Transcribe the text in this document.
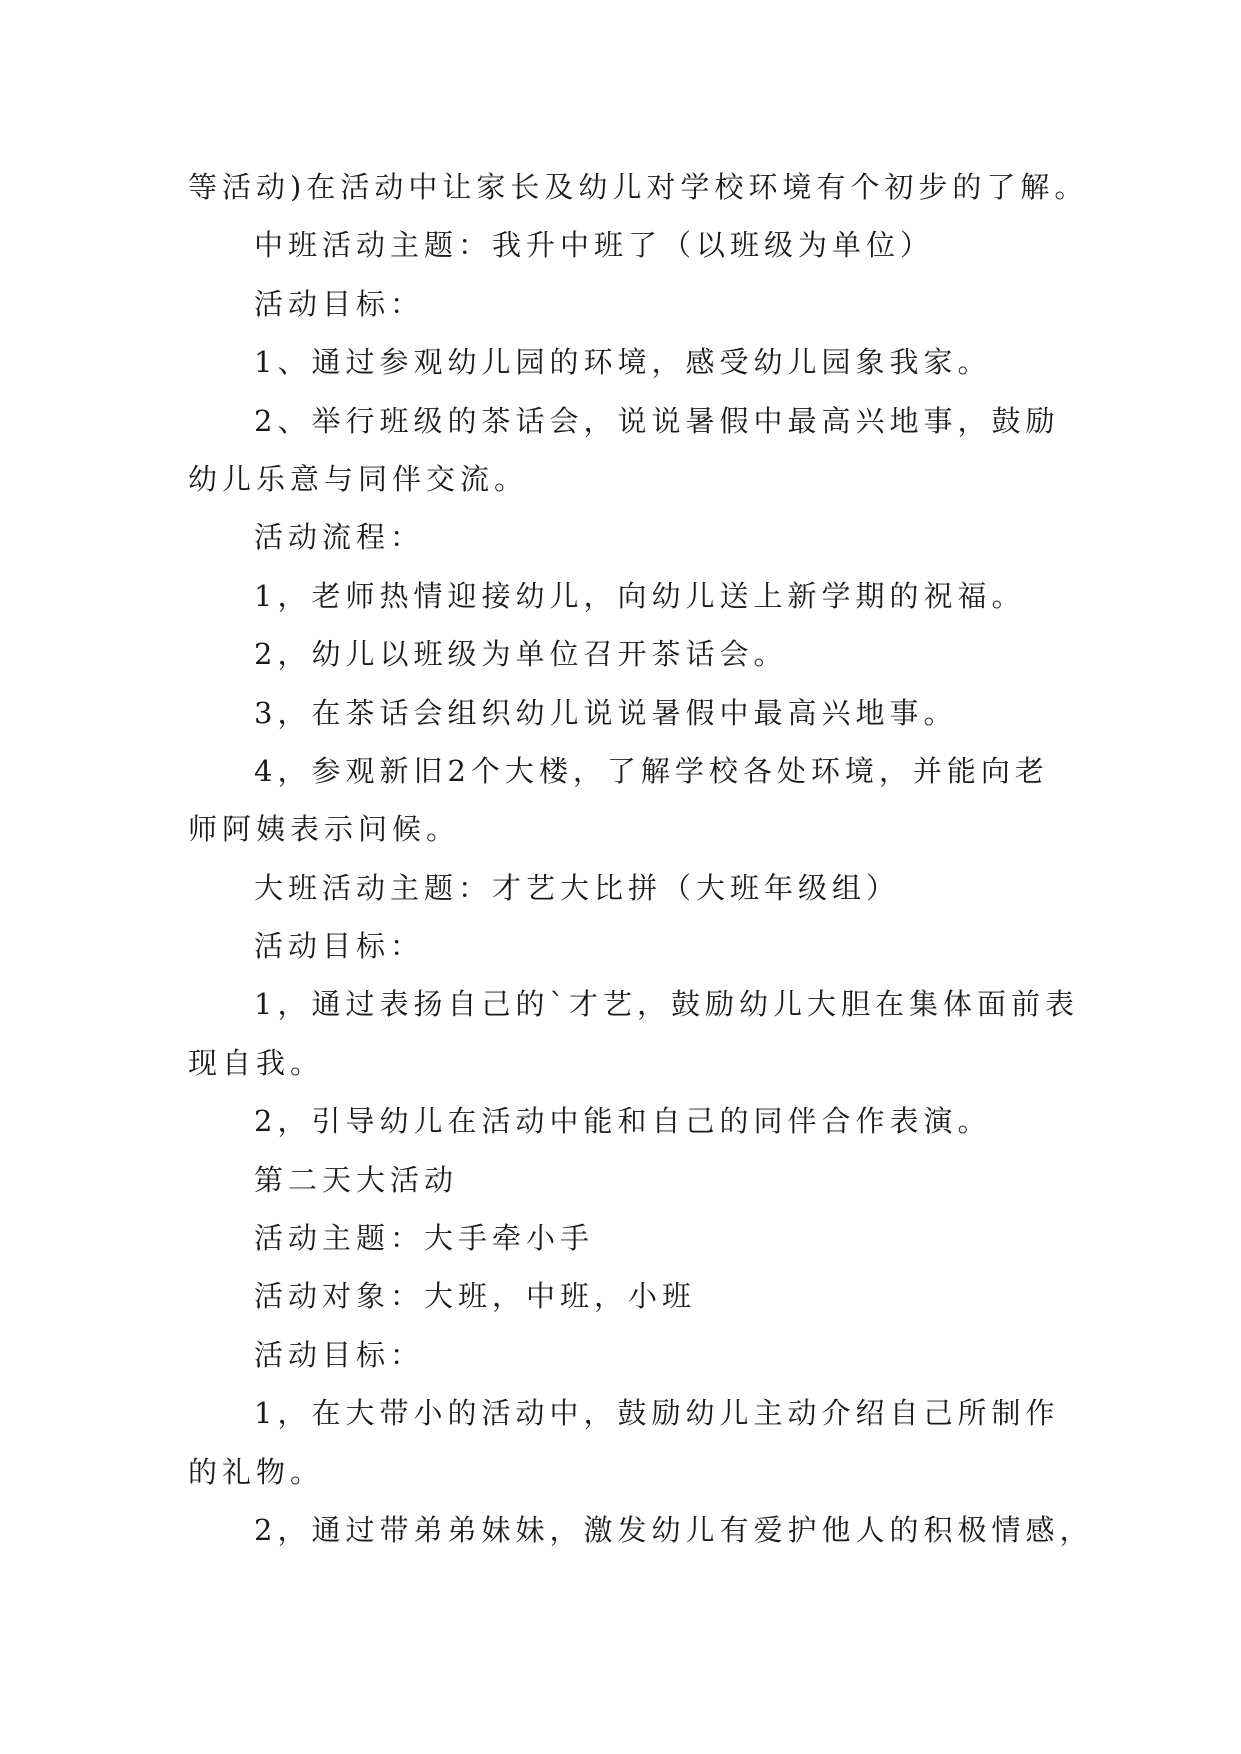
等活动)在活动中让家长及幼儿对学校环境有个初步的了解。
中班活动主题：我升中班了（以班级为单位）
活动目标：
1、通过参观幼儿园的环境，感受幼儿园象我家。
2、举行班级的茶话会，说说暑假中最高兴地事，鼓励
幼儿乐意与同伴交流。
活动流程：
1，老师热情迎接幼儿，向幼儿送上新学期的祝福。
2，幼儿以班级为单位召开茶话会。
3，在茶话会组织幼儿说说暑假中最高兴地事。
4，参观新旧2个大楼，了解学校各处环境，并能向老
师阿姨表示问候。
大班活动主题：才艺大比拼（大班年级组）
活动目标：
1，通过表扬自己的`才艺，鼓励幼儿大胆在集体面前表
现自我。
2，引导幼儿在活动中能和自己的同伴合作表演。
第二天大活动
活动主题：大手牵小手
活动对象：大班，中班，小班
活动目标：
1，在大带小的活动中，鼓励幼儿主动介绍自己所制作
的礼物。
2，通过带弟弟妹妹，激发幼儿有爱护他人的积极情感，
